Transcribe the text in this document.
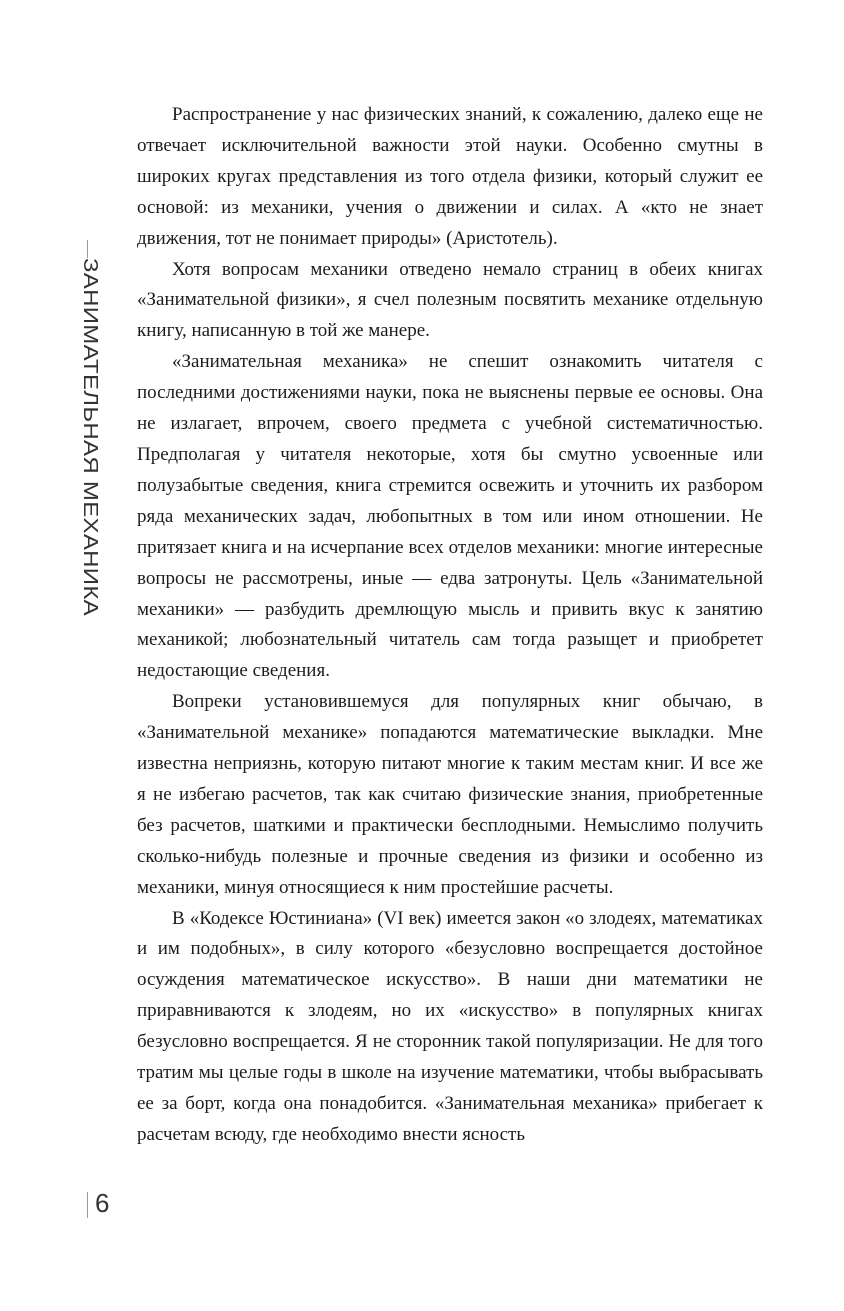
ЗАНИМАТЕЛЬНАЯ МЕХАНИКА

Распространение у нас физических знаний, к сожалению, далеко еще не отвечает исключительной важности этой науки. Особенно смутны в широких кругах представления из того отдела физики, который служит ее основой: из механики, учения о движении и силах. А «кто не знает движения, тот не понимает природы» (Аристотель).

Хотя вопросам механики отведено немало страниц в обеих книгах «Занимательной физики», я счел полезным посвятить механике отдельную книгу, написанную в той же манере.

«Занимательная механика» не спешит ознакомить читателя с последними достижениями науки, пока не выяснены первые ее основы. Она не излагает, впрочем, своего предмета с учебной систематичностью. Предполагая у читателя некоторые, хотя бы смутно усвоенные или полузабытые сведения, книга стремится освежить и уточнить их разбором ряда механических задач, любопытных в том или ином отношении. Не притязает книга и на исчерпание всех отделов механики: многие интересные вопросы не рассмотрены, иные — едва затронуты. Цель «Занимательной механики» — разбудить дремлющую мысль и привить вкус к занятию механикой; любознательный читатель сам тогда разыщет и приобретет недостающие сведения.

Вопреки установившемуся для популярных книг обычаю, в «Занимательной механике» попадаются математические выкладки. Мне известна неприязнь, которую питают многие к таким местам книг. И все же я не избегаю расчетов, так как считаю физические знания, приобретенные без расчетов, шаткими и практически бесплодными. Немыслимо получить сколько-нибудь полезные и прочные сведения из физики и особенно из механики, минуя относящиеся к ним простейшие расчеты.

В «Кодексе Юстиниана» (VI век) имеется закон «о злодеях, математиках и им подобных», в силу которого «безусловно воспрещается достойное осуждения математическое искусство». В наши дни математики не приравниваются к злодеям, но их «искусство» в популярных книгах безусловно воспрещается. Я не сторонник такой популяризации. Не для того тратим мы целые годы в школе на изучение математики, чтобы выбрасывать ее за борт, когда она понадобится. «Занимательная механика» прибегает к расчетам всюду, где необходимо внести ясность

6
